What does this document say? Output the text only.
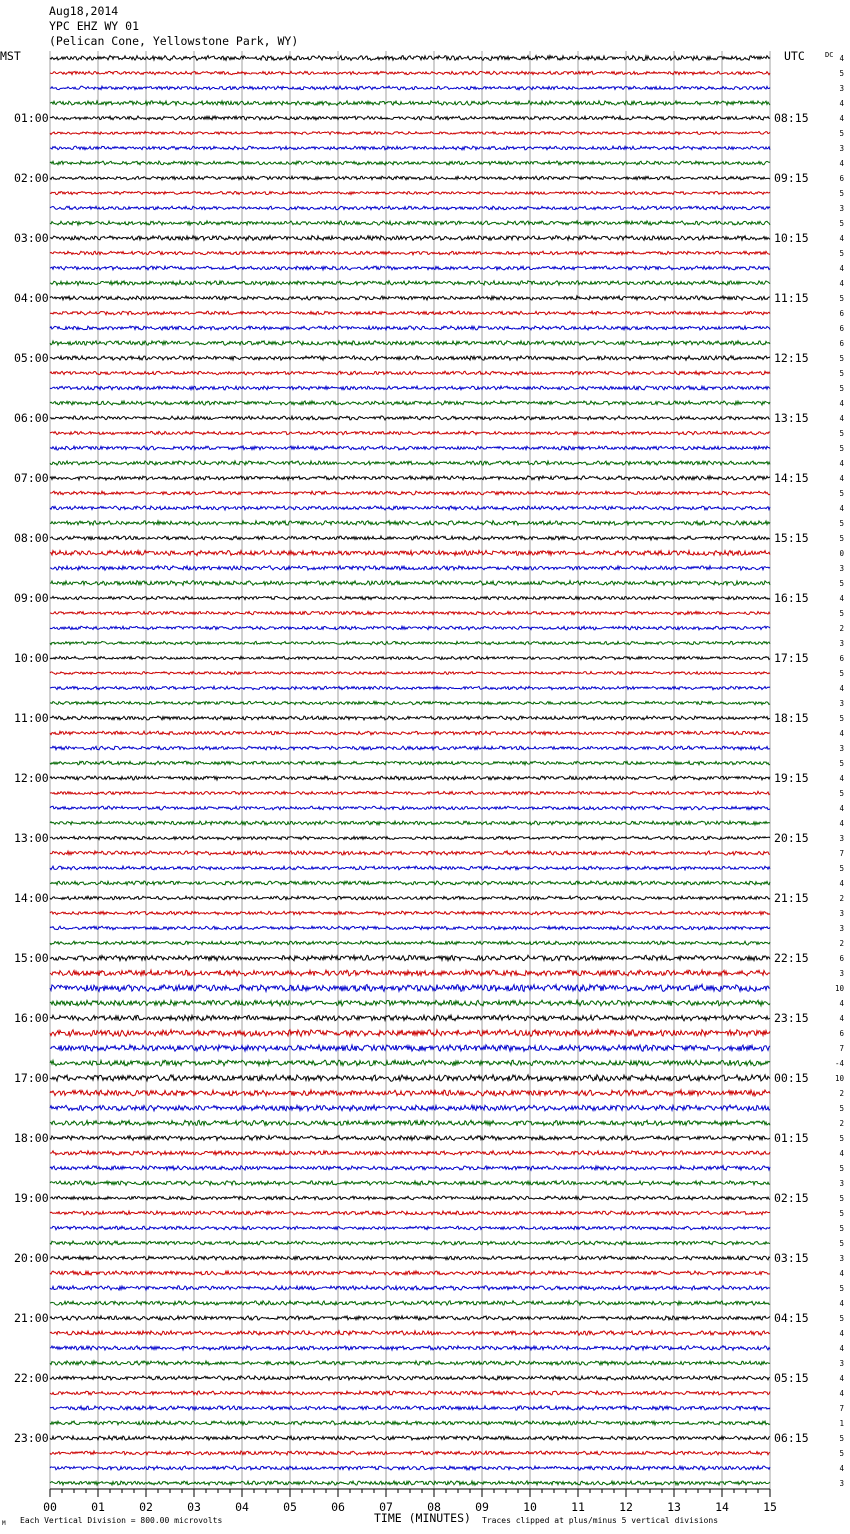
Aug18,2014
YPC EHZ WY 01
(Pelican Cone, Yellowstone Park, WY)
MST	UTC	DC
01:00
02:00
03:00
04:00
05:00
06:00
07:00
08:00
09:00
10:00
11:00
12:00
13:00
14:00
15:00
16:00
17:00
18:00
19:00
20:00
21:00
22:00
23:00
08:15
09:15
10:15
11:15
12:15
13:15
14:15
15:15
16:15
17:15
18:15
19:15
20:15
21:15
22:15
23:15
00:15
01:15
02:15
03:15
04:15
05:15
06:15
4
5
3
4
4
5
3
4
6
5
3
5
4
5
4
4
5
6
6
6
5
5
5
4
4
5
5
4
4
5
4
5
5
0
3
5
4
5
2
3
6
5
4
3
5
4
3
5
4
5
4
4
3
7
5
4
2
3
3
2
6
3
10
4
4
6
7
-4
10
2
5
2
5
4
5
3
5
5
5
5
3
4
5
4
5
4
4
3
4
4
7
1
5
5
4
3
00	01	02	03	04	05	06	07	08	09	10	11	12	13	14	15
M Each Vertical Division = 800.00 microvolts	TIME (MINUTES) Traces clipped at plus/minus 5 vertical divisions
